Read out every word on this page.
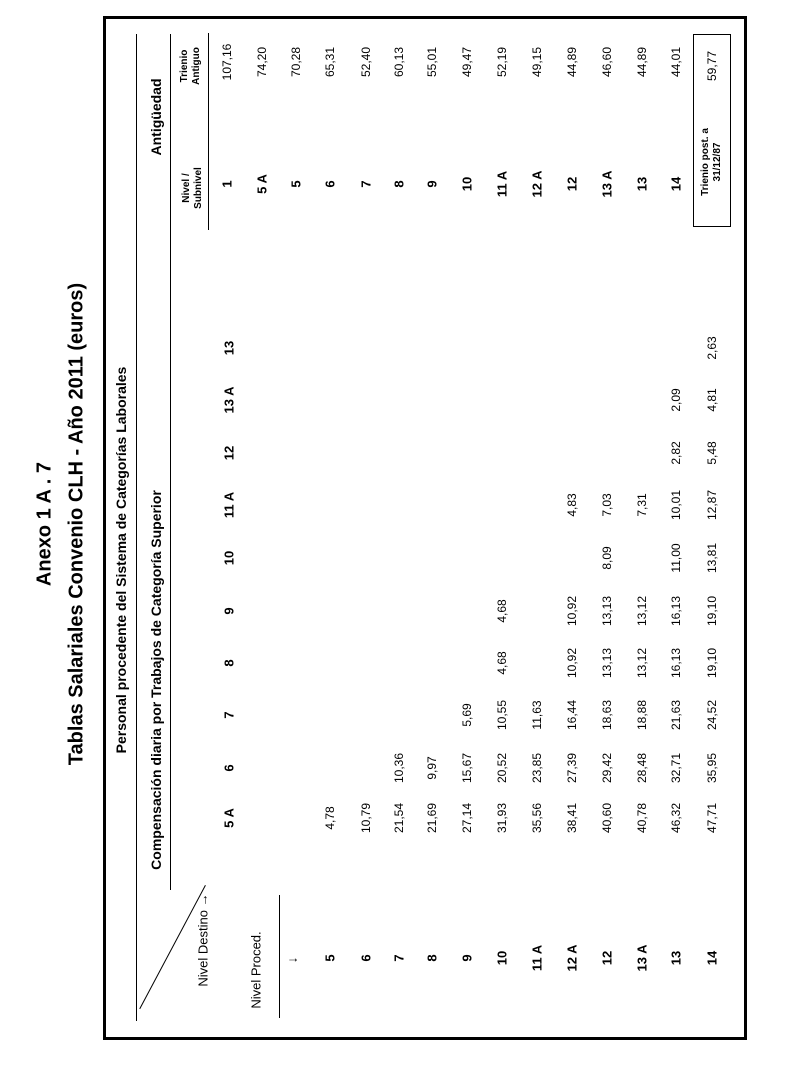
Anexo 1 A . 7 Tablas Salariales Convenio CLH - Año 2011 (euros) Personal procedente del Sistema de Categorías Laborales Compensación diaria por Trabajos de Categoría Superior
Antigüedad
Nivel Destino →
Nivel Proced. ↓
Nivel / Subnivel
Trienio Antiguo
5 A
6
7
8
9
10
11 A
12
13 A
13
5
4,78
6
10,79
7
21,54
10,36
8
21,69
9,97
9
27,14
15,67
5,69
10
31,93
20,52
10,55
4,68
4,68
11 A
35,56
23,85
11,63
12 A
38,41
27,39
16,44
10,92
10,92
4,83
12
40,60
29,42
18,63
13,13
13,13
8,09
7,03
13 A
40,78
28,48
18,88
13,12
13,12
7,31
13
46,32
32,71
21,63
16,13
16,13
11,00
10,01
2,82
2,09
14
47,71
35,95
24,52
19,10
19,10
13,81
12,87
5,48
4,81
2,63
1
107,16
5 A
74,20
5
70,28
6
65,31
7
52,40
8
60,13
9
55,01
10
49,47
11 A
52,19
12 A
49,15
12
44,89
13 A
46,60
13
44,89
14
44,01
Trienio post. a 31/12/87
59,77
